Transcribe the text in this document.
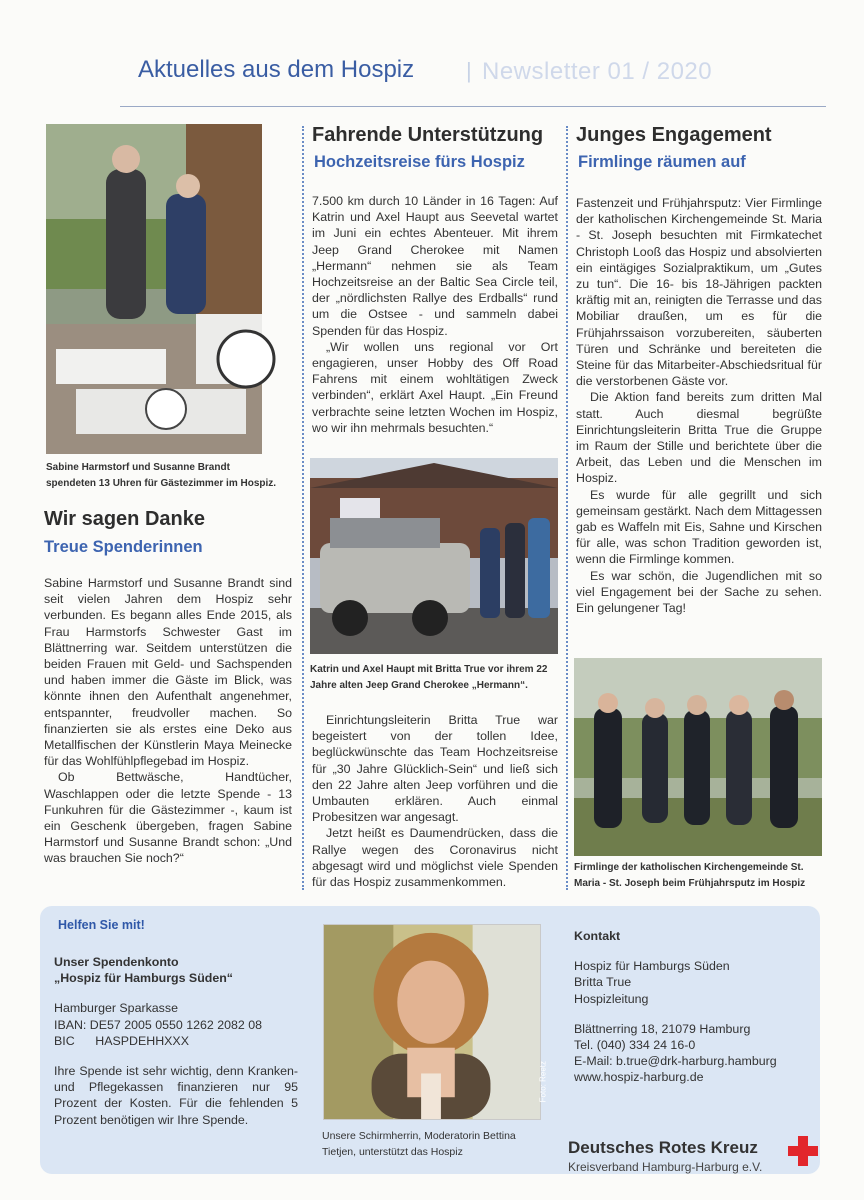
Aktuelles aus dem Hospiz | Newsletter 01 / 2020
Sabine Harmstorf und Susanne Brandt spendeten 13 Uhren für Gästezimmer im Hospiz.
Wir sagen Danke
Treue Spenderinnen

Sabine Harmstorf und Susanne Brandt sind seit vielen Jahren dem Hospiz sehr verbunden. Es begann alles Ende 2015, als Frau Harmstorfs Schwester Gast im Blättnerring war. Seitdem unterstützen die beiden Frauen mit Geld- und Sachspenden und haben immer die Gäste im Blick, was könnte ihnen den Aufenthalt angenehmer, entspannter, freudvoller machen. So finanzierten sie als erstes eine Deko aus Metallfischen der Künstlerin Maya Meinecke für das Wohlfühlpflegebad im Hospiz.

Ob Bettwäsche, Handtücher, Waschlappen oder die letzte Spende - 13 Funkuhren für die Gästezimmer -, kaum ist ein Geschenk übergeben, fragen Sabine Harmstorf und Susanne Brandt schon: „Und was brauchen Sie noch?“

Fahrende Unterstützung
Hochzeitsreise fürs Hospiz

7.500 km durch 10 Länder in 16 Tagen: Auf Katrin und Axel Haupt aus Seevetal wartet im Juni ein echtes Abenteuer. Mit ihrem Jeep Grand Cherokee mit Namen „Hermann“ nehmen sie als Team Hochzeitsreise an der Baltic Sea Circle teil, der „nördlichsten Rallye des Erdballs“ rund um die Ostsee - und sammeln dabei Spenden für das Hospiz.

„Wir wollen uns regional vor Ort engagieren, unser Hobby des Off Road Fahrens mit einem wohltätigen Zweck verbinden“, erklärt Axel Haupt. „Ein Freund verbrachte seine letzten Wochen im Hospiz, wo wir ihn mehrmals besuchten.“

Katrin und Axel Haupt mit Britta True vor ihrem 22 Jahre alten Jeep Grand Cherokee „Hermann“.

Einrichtungsleiterin Britta True war begeistert von der tollen Idee, beglückwünschte das Team Hochzeitsreise für „30 Jahre Glücklich-Sein“ und ließ sich den 22 Jahre alten Jeep vorführen und die Umbauten erklären. Auch einmal Probesitzen war angesagt.

Jetzt heißt es Daumendrücken, dass die Rallye wegen des Coronavirus nicht abgesagt wird und möglichst viele Spenden für das Hospiz zusammenkommen.

Junges Engagement
Firmlinge räumen auf

Fastenzeit und Frühjahrsputz: Vier Firmlinge der katholischen Kirchengemeinde St. Maria - St. Joseph besuchten mit Firmkatechet Christoph Looß das Hospiz und absolvierten ein eintägiges Sozialpraktikum, um „Gutes zu tun“. Die 16- bis 18-Jährigen packten kräftig mit an, reinigten die Terrasse und das Mobiliar draußen, um es für die Frühjahrssaison vorzubereiten, säuberten Türen und Schränke und bereiteten die Steine für das Mitarbeiter-Abschiedsritual für die verstorbenen Gäste vor.

Die Aktion fand bereits zum dritten Mal statt. Auch diesmal begrüßte Einrichtungsleiterin Britta True die Gruppe im Raum der Stille und berichtete über die Arbeit, das Leben und die Menschen im Hospiz.

Es wurde für alle gegrillt und sich gemeinsam gestärkt. Nach dem Mittagessen gab es Waffeln mit Eis, Sahne und Kirschen für alle, was schon Tradition geworden ist, wenn die Firmlinge kommen.

Es war schön, die Jugendlichen mit so viel Engagement bei der Sache zu sehen. Ein gelungener Tag!

Firmlinge der katholischen Kirchengemeinde St. Maria - St. Joseph beim Frühjahrsputz im Hospiz
Helfen Sie mit!
Unser Spendenkonto
„Hospiz für Hamburgs Süden“
Hamburger Sparkasse
IBAN: DE57 2005 0550 1262 2082 08
BIC      HASPDEHHXXX
Ihre Spende ist sehr wichtig, denn Kranken- und Pflegekassen finanzieren nur 95 Prozent der Kosten. Für die fehlenden 5 Prozent benötigen wir Ihre Spende.
Foto: Reetz
Unsere Schirmherrin, Moderatorin Bettina Tietjen, unterstützt das Hospiz
Kontakt
Hospiz für Hamburgs Süden
Britta True
Hospizleitung
Blättnerring 18, 21079 Hamburg
Tel. (040) 334 24 16-0
E-Mail: b.true@drk-harburg.hamburg
www.hospiz-harburg.de
Deutsches Rotes Kreuz
Kreisverband Hamburg-Harburg e.V.
